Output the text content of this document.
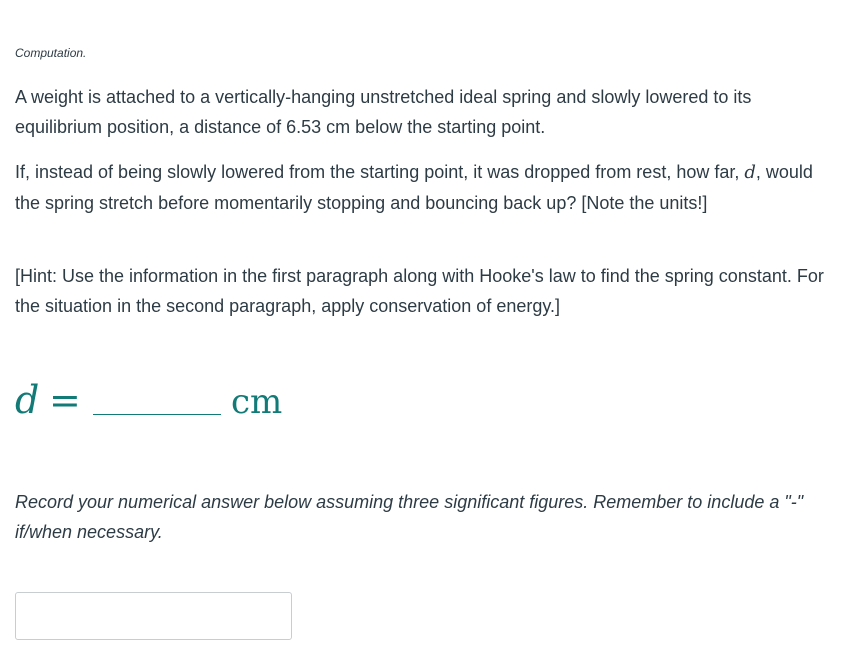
Computation.

A weight is attached to a vertically-hanging unstretched ideal spring and slowly lowered to its equilibrium position, a distance of 6.53 cm below the starting point.

If, instead of being slowly lowered from the starting point, it was dropped from rest, how far, d, would the spring stretch before momentarily stopping and bouncing back up? [Note the units!]

[Hint: Use the information in the first paragraph along with Hooke's law to find the spring constant. For the situation in the second paragraph, apply conservation of energy.]

d =	cm

Record your numerical answer below assuming three significant figures. Remember to include a "-" if/when necessary.
